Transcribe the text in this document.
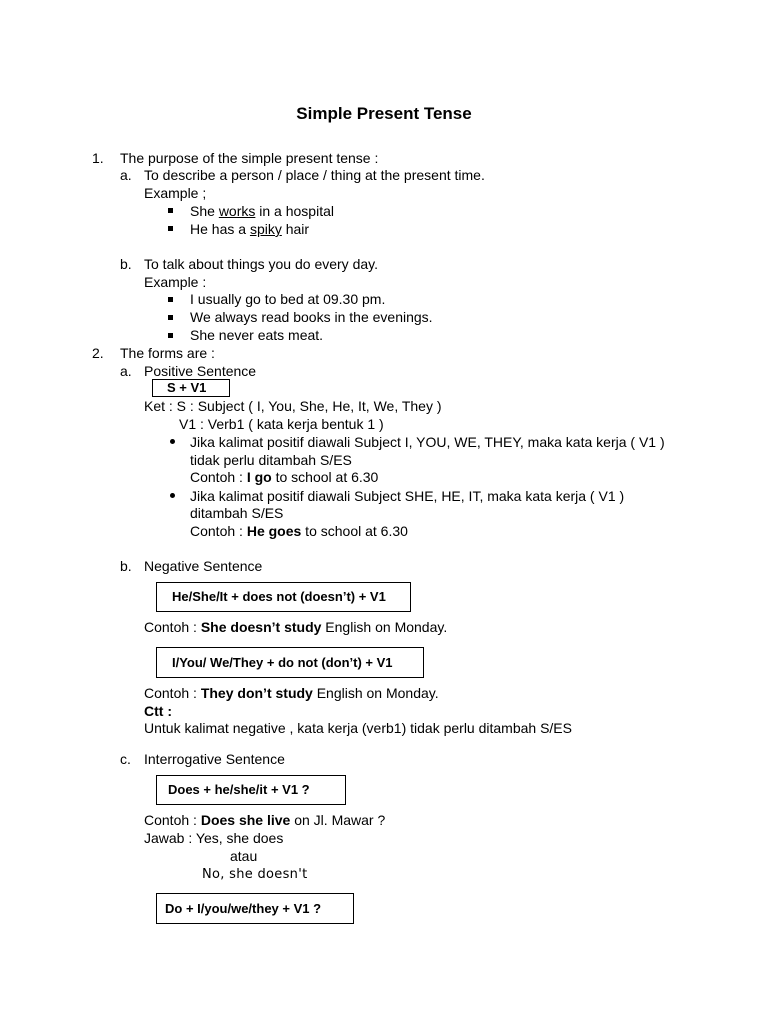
Simple Present Tense
1. The purpose of the simple present tense :
a. To describe a person / place / thing at the present time.
Example ;
She works in a hospital
He has a spiky hair
b. To talk about things you do every day.
Example :
I usually go to bed at 09.30 pm.
We always read books in the evenings.
She never eats meat.
2. The forms are :
a. Positive Sentence
S + V1
Ket : S : Subject ( I, You, She, He, It, We, They )
V1 : Verb1 ( kata kerja bentuk 1 )
Jika kalimat positif diawali Subject I, YOU, WE, THEY, maka kata kerja ( V1 )
tidak perlu ditambah S/ES
Contoh : I go to school at 6.30
Jika kalimat positif diawali Subject SHE, HE, IT, maka kata kerja ( V1 )
ditambah S/ES
Contoh : He goes to school at 6.30
b. Negative Sentence
He/She/It + does not (doesn’t) + V1
Contoh : She doesn’t study English on Monday.
I/You/ We/They + do not (don’t) + V1
Contoh : They don’t study English on Monday.
Ctt :
Untuk kalimat negative , kata kerja (verb1) tidak perlu ditambah S/ES
c. Interrogative Sentence
Does + he/she/it + V1 ?
Contoh : Does she live on Jl. Mawar ?
Jawab : Yes, she does
atau
No, she doesn't
Do + I/you/we/they + V1 ?
